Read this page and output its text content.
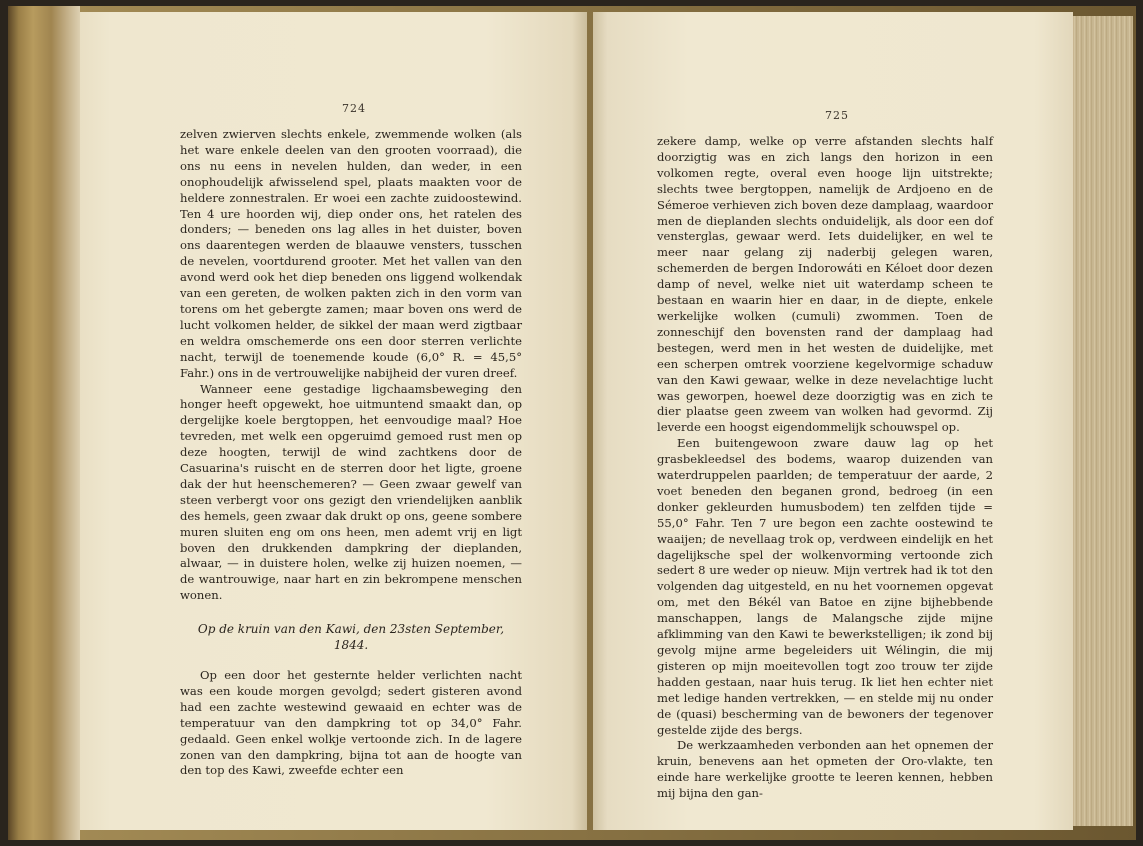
724

zelven zwierven slechts enkele, zwemmende wolken (als het ware enkele deelen van den grooten voorraad), die ons nu eens in nevelen hulden, dan weder, in een onophoudelijk afwisselend spel, plaats maakten voor de heldere zonnestralen. Er woei een zachte zuidoostewind. Ten 4 ure hoorden wij, diep onder ons, het ratelen des donders; — beneden ons lag alles in het duister, boven ons daarentegen werden de blaauwe vensters, tusschen de nevelen, voortdurend grooter. Met het vallen van den avond werd ook het diep beneden ons liggend wolkendak van een gereten, de wolken pakten zich in den vorm van torens om het gebergte zamen; maar boven ons werd de lucht volkomen helder, de sikkel der maan werd zigtbaar en weldra omschemerde ons een door sterren verlichte nacht, terwijl de toenemende koude (6,0° R. = 45,5° Fahr.) ons in de vertrouwelijke nabijheid der vuren dreef.

Wanneer eene gestadige ligchaamsbeweging den honger heeft opgewekt, hoe uitmuntend smaakt dan, op dergelijke koele bergtoppen, het eenvoudige maal? Hoe tevreden, met welk een opgeruimd gemoed rust men op deze hoogten, terwijl de wind zachtkens door de Casuarina's ruischt en de sterren door het ligte, groene dak der hut heenschemeren? — Geen zwaar gewelf van steen verbergt voor ons gezigt den vriendelijken aanblik des hemels, geen zwaar dak drukt op ons, geene sombere muren sluiten eng om ons heen, men ademt vrij en ligt boven den drukkenden dampkring der dieplanden, alwaar, — in duistere holen, welke zij huizen noemen, — de wantrouwige, naar hart en zin bekrompene menschen wonen.

Op de kruin van den Kawi, den 23sten September, 1844.

Op een door het gesternte helder verlichten nacht was een koude morgen gevolgd; sedert gisteren avond had een zachte westewind gewaaid en echter was de temperatuur van den dampkring tot op 34,0° Fahr. gedaald. Geen enkel wolkje vertoonde zich. In de lagere zonen van den dampkring, bijna tot aan de hoogte van den top des Kawi, zweefde echter een

725

zekere damp, welke op verre afstanden slechts half doorzigtig was en zich langs den horizon in een volkomen regte, overal even hooge lijn uitstrekte; slechts twee bergtoppen, namelijk de Ardjoeno en de Sémeroe verhieven zich boven deze damplaag, waardoor men de dieplanden slechts onduidelijk, als door een dof vensterglas, gewaar werd. Iets duidelijker, en wel te meer naar gelang zij naderbij gelegen waren, schemerden de bergen Indorowáti en Kéloet door dezen damp of nevel, welke niet uit waterdamp scheen te bestaan en waarin hier en daar, in de diepte, enkele werkelijke wolken (cumuli) zwommen. Toen de zonneschijf den bovensten rand der damplaag had bestegen, werd men in het westen de duidelijke, met een scherpen omtrek voorziene kegelvormige schaduw van den Kawi gewaar, welke in deze nevelachtige lucht was geworpen, hoewel deze doorzigtig was en zich te dier plaatse geen zweem van wolken had gevormd. Zij leverde een hoogst eigendommelijk schouwspel op.

Een buitengewoon zware dauw lag op het grasbekleedsel des bodems, waarop duizenden van waterdruppelen paarlden; de temperatuur der aarde, 2 voet beneden den beganen grond, bedroeg (in een donker gekleurden humusbodem) ten zelfden tijde = 55,0° Fahr. Ten 7 ure begon een zachte oostewind te waaijen; de nevellaag trok op, verdween eindelijk en het dagelijksche spel der wolkenvorming vertoonde zich sedert 8 ure weder op nieuw. Mijn vertrek had ik tot den volgenden dag uitgesteld, en nu het voornemen opgevat om, met den Békél van Batoe en zijne bijhebbende manschappen, langs de Malangsche zijde mijne afklimming van den Kawi te bewerkstelligen; ik zond bij gevolg mijne arme begeleiders uit Wélingin, die mij gisteren op mijn moeitevollen togt zoo trouw ter zijde hadden gestaan, naar huis terug. Ik liet hen echter niet met ledige handen vertrekken, — en stelde mij nu onder de (quasi) bescherming van de bewoners der tegenover gestelde zijde des bergs.

De werkzaamheden verbonden aan het opnemen der kruin, benevens aan het opmeten der Oro-vlakte, ten einde hare werkelijke grootte te leeren kennen, hebben mij bijna den gan-
